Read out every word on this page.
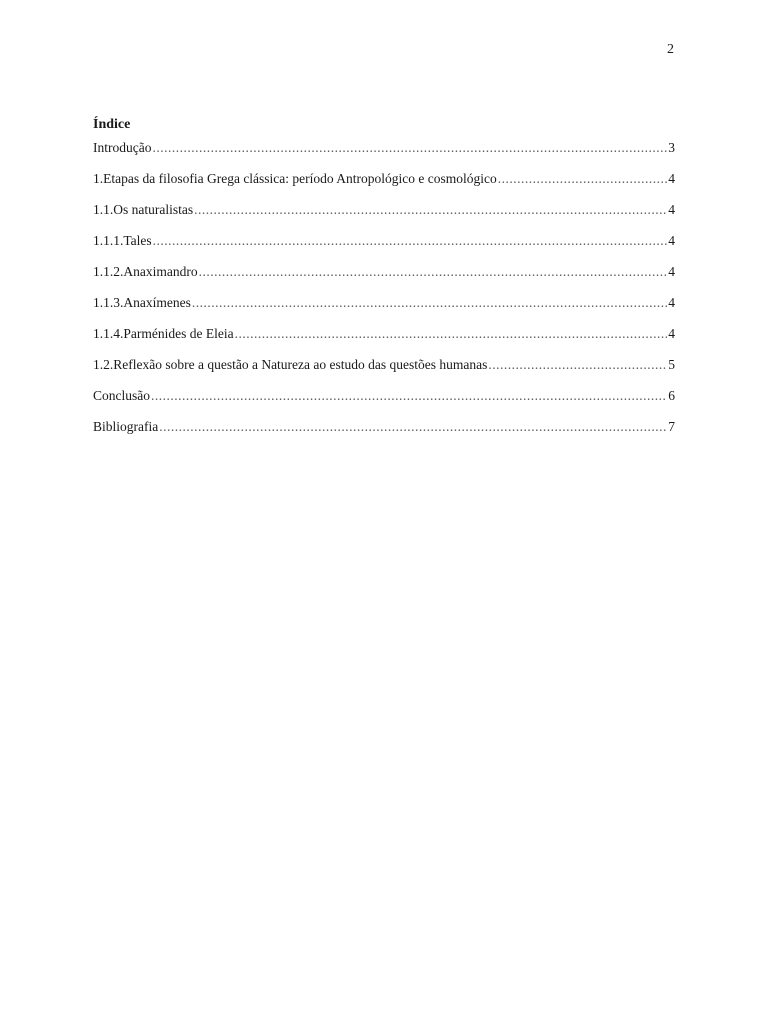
2
Índice
Introdução .....	3
1.Etapas da filosofia Grega clássica: período Antropológico e cosmológico .....	4
1.1.Os naturalistas .....	4
1.1.1.Tales .....	4
1.1.2.Anaximandro .....	4
1.1.3.Anaxímenes .....	4
1.1.4.Parménides de Eleia .....	4
1.2.Reflexão sobre a questão a Natureza ao estudo das questões humanas .....	5
Conclusão .....	6
Bibliografia .....	7
